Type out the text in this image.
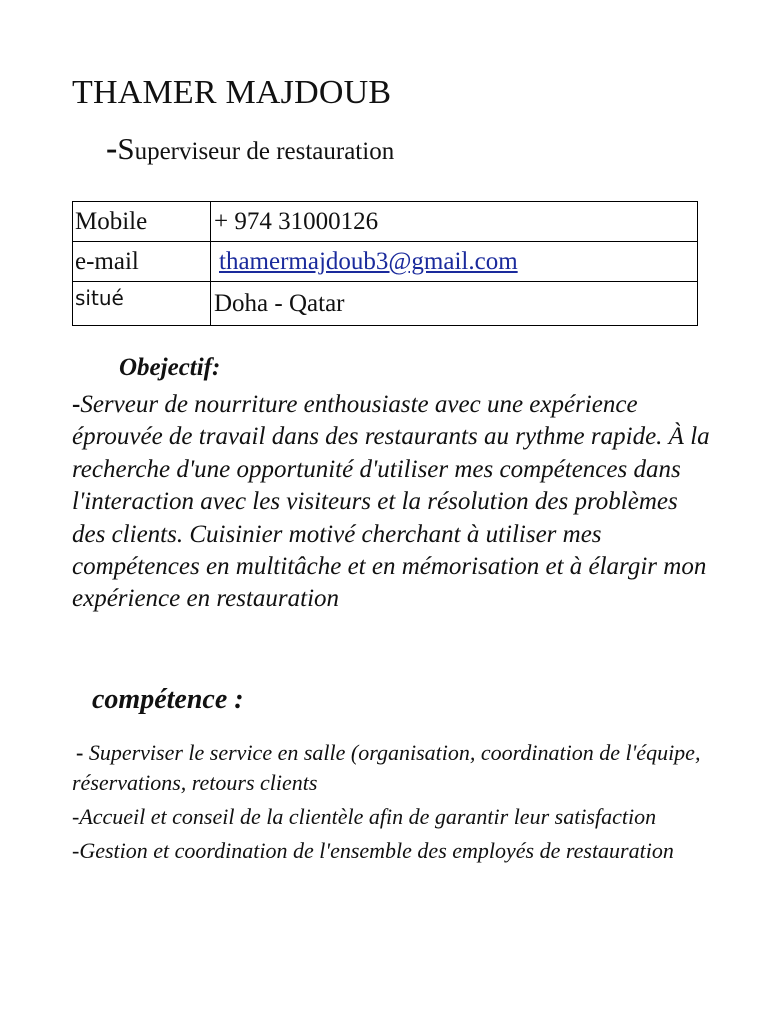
THAMER MAJDOUB
-Superviseur de restauration
Mobile	+ 974 31000126
e-mail	thamermajdoub3@gmail.com
situé	Doha - Qatar
Obejectif:
-Serveur de nourriture enthousiaste avec une expérience éprouvée de travail dans des restaurants au rythme rapide. À la recherche d'une opportunité d'utiliser mes compétences dans l'interaction avec les visiteurs et la résolution des problèmes des clients. Cuisinier motivé cherchant à utiliser mes compétences en multitâche et en mémorisation et à élargir mon expérience en restauration
compétence :
- Superviser le service en salle (organisation, coordination de l'équipe, réservations, retours clients
-Accueil et conseil de la clientèle afin de garantir leur satisfaction
-Gestion et coordination de l'ensemble des employés de restauration
